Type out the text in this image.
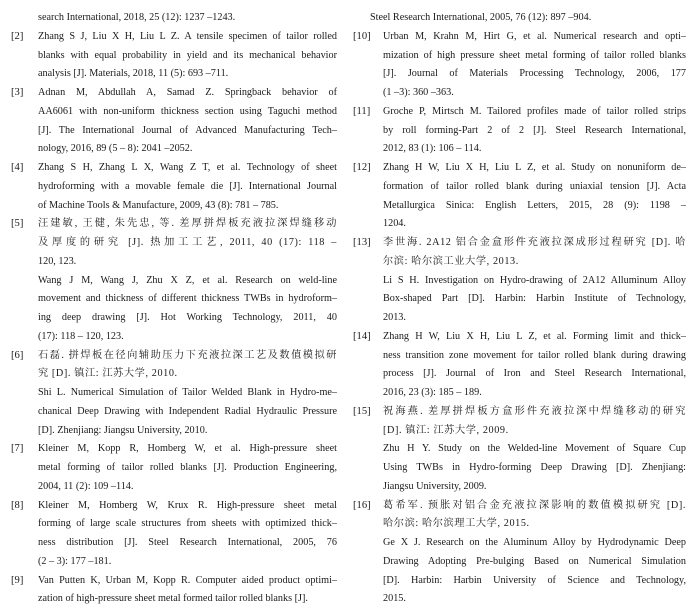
search International, 2018, 25 (12): 1237 –1243.
[2] Zhang S J, Liu X H, Liu L Z. A tensile specimen of tailor rolled
blanks with equal probability in yield and its mechanical behavior
analysis [J]. Materials, 2018, 11 (5): 693 –711.
[3] Adnan M, Abdullah A, Samad Z. Springback behavior of
AA6061 with non-uniform thickness section using Taguchi method
[J]. The International Journal of Advanced Manufacturing Tech–
nology, 2016, 89 (5 – 8): 2041 –2052.
[4] Zhang S H, Zhang L X, Wang Z T, et al. Technology of sheet
hydroforming with a movable female die [J]. International Journal
of Machine Tools & Manufacture, 2009, 43 (8): 781 – 785.
[5] 汪建敏, 王健, 朱先忠, 等. 差厚拼焊板充液拉深焊缝移动
及厚度的研究 [J]. 热加工工艺, 2011, 40 (17): 118 –
120, 123.
Wang J M, Wang J, Zhu X Z, et al. Research on weld-line
movement and thickness of different thickness TWBs in hydroform–
ing deep drawing [J]. Hot Working Technology, 2011, 40
(17): 118 – 120, 123.
[6] 石磊. 拼焊板在径向辅助压力下充液拉深工艺及数值模拟研
究 [D]. 镇江: 江苏大学, 2010.
Shi L. Numerical Simulation of Tailor Welded Blank in Hydro-me–
chanical Deep Drawing with Independent Radial Hydraulic Pressure
[D]. Zhenjiang: Jiangsu University, 2010.
[7] Kleiner M, Kopp R, Homberg W, et al. High-pressure sheet
metal forming of tailor rolled blanks [J]. Production Engineering,
2004, 11 (2): 109 –114.
[8] Kleiner M, Homberg W, Krux R. High-pressure sheet metal
forming of large scale structures from sheets with optimized thick–
ness distribution [J]. Steel Research International, 2005, 76
(2 – 3): 177 –181.
[9] Van Putten K, Urban M, Kopp R. Computer aided product optimi–
zation of high-pressure sheet metal formed tailor rolled blanks [J].
Steel Research International, 2005, 76 (12): 897 –904.
[10] Urban M, Krahn M, Hirt G, et al. Numerical research and opti–
mization of high pressure sheet metal forming of tailor rolled blanks
[J]. Journal of Materials Processing Technology, 2006, 177
(1 –3): 360 –363.
[11] Groche P, Mirtsch M. Tailored profiles made of tailor rolled strips
by roll forming-Part 2 of 2 [J]. Steel Research International,
2012, 83 (1): 106 – 114.
[12] Zhang H W, Liu X H, Liu L Z, et al. Study on nonuniform de–
formation of tailor rolled blank during uniaxial tension [J]. Acta
Metallurgica Sinica: English Letters, 2015, 28 (9): 1198 –
1204.
[13] 李世海. 2A12 铝合金盒形件充液拉深成形过程研究 [D]. 哈
尔滨: 哈尔滨工业大学, 2013.
Li S H. Investigation on Hydro-drawing of 2A12 Alluminum Alloy
Box-shaped Part [D]. Harbin: Harbin Institute of Technology,
2013.
[14] Zhang H W, Liu X H, Liu L Z, et al. Forming limit and thick–
ness transition zone movement for tailor rolled blank during drawing
process [J]. Journal of Iron and Steel Research International,
2016, 23 (3): 185 – 189.
[15] 祝海燕. 差厚拼焊板方盒形件充液拉深中焊缝移动的研究
[D]. 镇江: 江苏大学, 2009.
Zhu H Y. Study on the Welded-line Movement of Square Cup
Using TWBs in Hydro-forming Deep Drawing [D]. Zhenjiang:
Jiangsu University, 2009.
[16] 葛希军. 预胀对铝合金充液拉深影响的数值模拟研究 [D].
哈尔滨: 哈尔滨理工大学, 2015.
Ge X J. Research on the Aluminum Alloy by Hydrodynamic Deep
Drawing Adopting Pre-bulging Based on Numerical Simulation
[D]. Harbin: Harbin University of Science and Technology,
2015.
